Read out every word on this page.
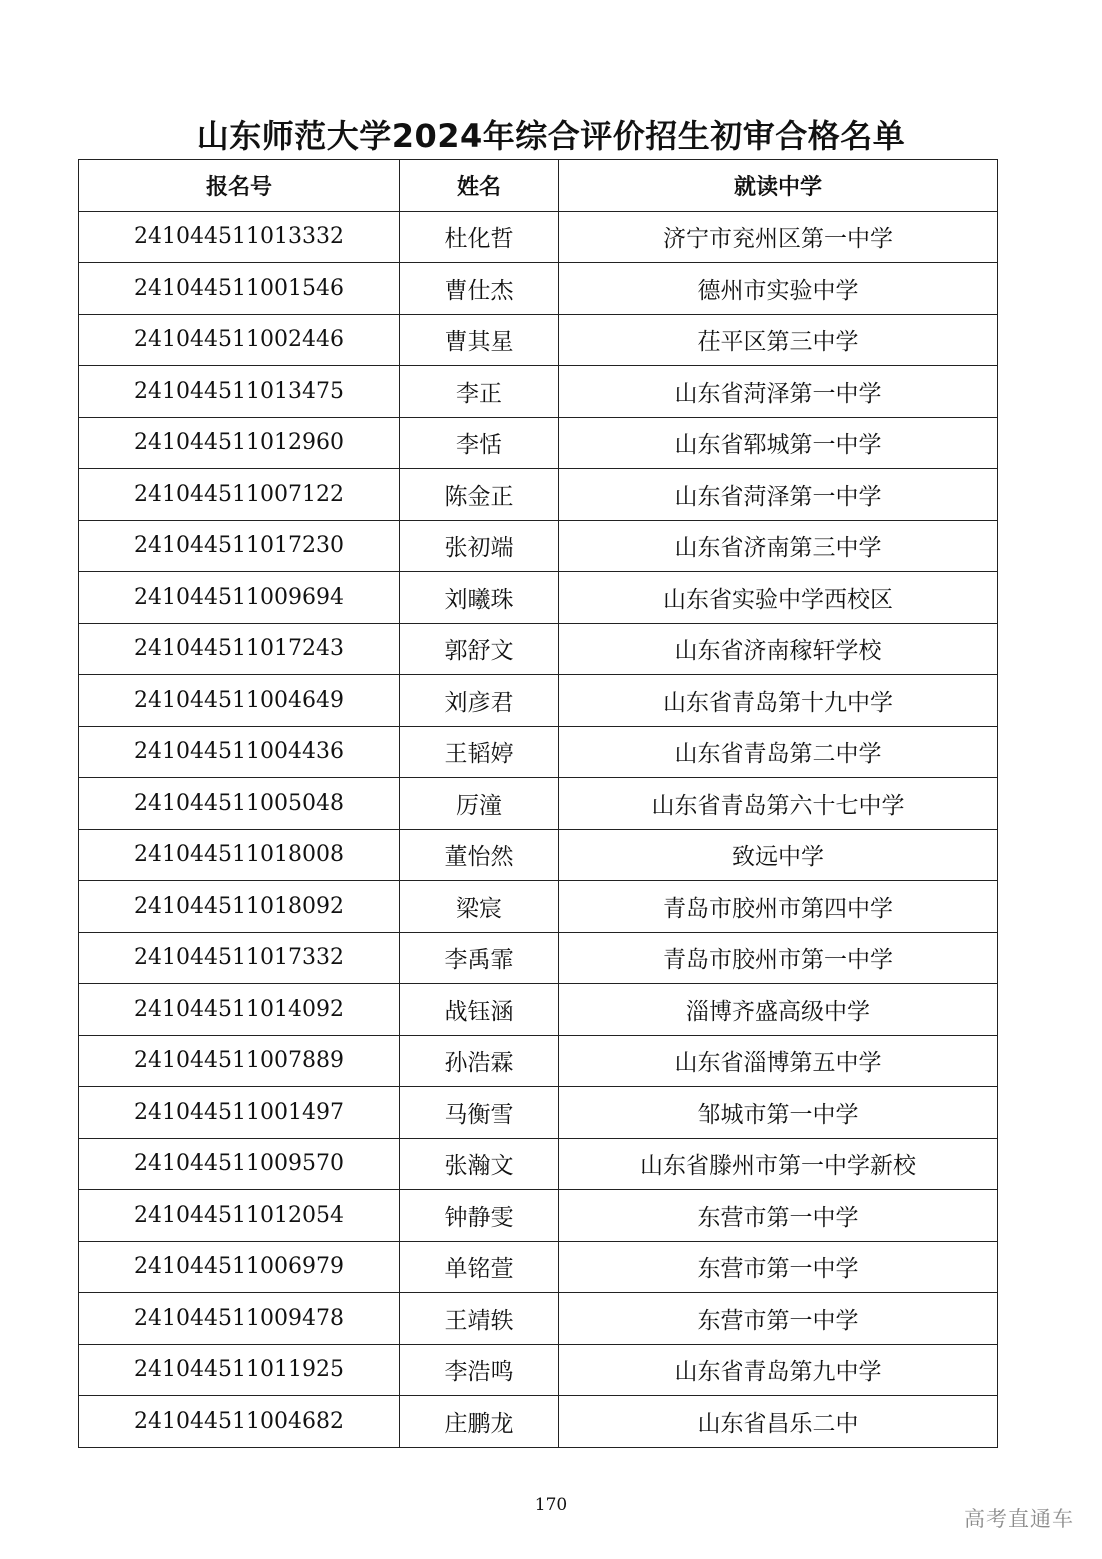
山东师范大学2024年综合评价招生初审合格名单
报名号	姓名	就读中学
241044511013332	杜化哲	济宁市兖州区第一中学
241044511001546	曹仕杰	德州市实验中学
241044511002446	曹其星	茌平区第三中学
241044511013475	李正	山东省菏泽第一中学
241044511012960	李恬	山东省郓城第一中学
241044511007122	陈金正	山东省菏泽第一中学
241044511017230	张初端	山东省济南第三中学
241044511009694	刘曦珠	山东省实验中学西校区
241044511017243	郭舒文	山东省济南稼轩学校
241044511004649	刘彦君	山东省青岛第十九中学
241044511004436	王韬婷	山东省青岛第二中学
241044511005048	厉潼	山东省青岛第六十七中学
241044511018008	董怡然	致远中学
241044511018092	梁宸	青岛市胶州市第四中学
241044511017332	李禹霏	青岛市胶州市第一中学
241044511014092	战钰涵	淄博齐盛高级中学
241044511007889	孙浩霖	山东省淄博第五中学
241044511001497	马衡雪	邹城市第一中学
241044511009570	张瀚文	山东省滕州市第一中学新校
241044511012054	钟静雯	东营市第一中学
241044511006979	单铭萱	东营市第一中学
241044511009478	王靖轶	东营市第一中学
241044511011925	李浩鸣	山东省青岛第九中学
241044511004682	庄鹏龙	山东省昌乐二中
170
高考直通车
